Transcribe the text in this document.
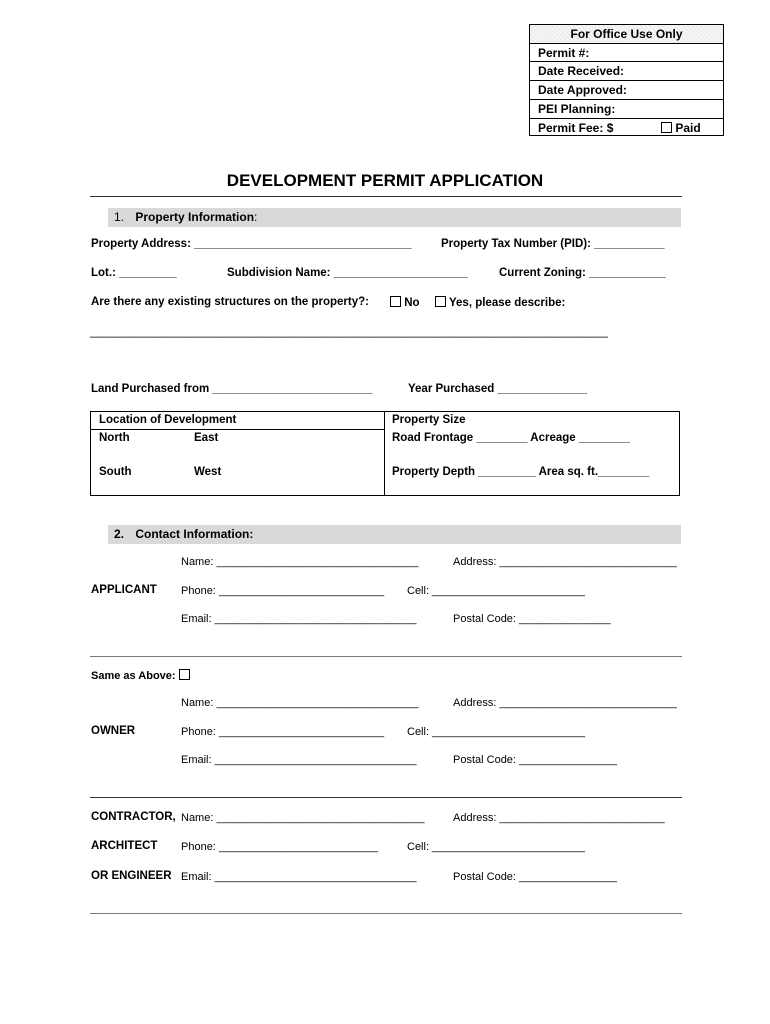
For Office Use Only
Permit #:
Date Received:
Date Approved:
PEI Planning:
Permit Fee: $	Paid
DEVELOPMENT PERMIT APPLICATION
1. Property Information:
Property Address: __________________________________	Property Tax Number (PID): ___________
Lot.: _________	Subdivision Name: _____________________	Current Zoning: ____________
Are there any existing structures on the property?:	No	Yes, please describe:
_________________________________________________________________________________
Land Purchased from _________________________	Year Purchased ______________
Location of Development
North	East
South	West
Property Size
Road Frontage ________ Acreage ________
Property Depth _________ Area sq. ft.________
2. Contact Information:
Name: _________________________________	Address: _____________________________
APPLICANT Phone: ___________________________ Cell: _________________________
Email: _________________________________	Postal Code: _______________
Same as Above:
Name: _________________________________	Address: _____________________________
OWNER	Phone: ___________________________ Cell: _________________________
Email: _________________________________	Postal Code: ________________
CONTRACTOR, Name: __________________________________	Address: ___________________________
ARCHITECT Phone: __________________________	Cell: _________________________
OR ENGINEER Email: _________________________________	Postal Code: ________________
